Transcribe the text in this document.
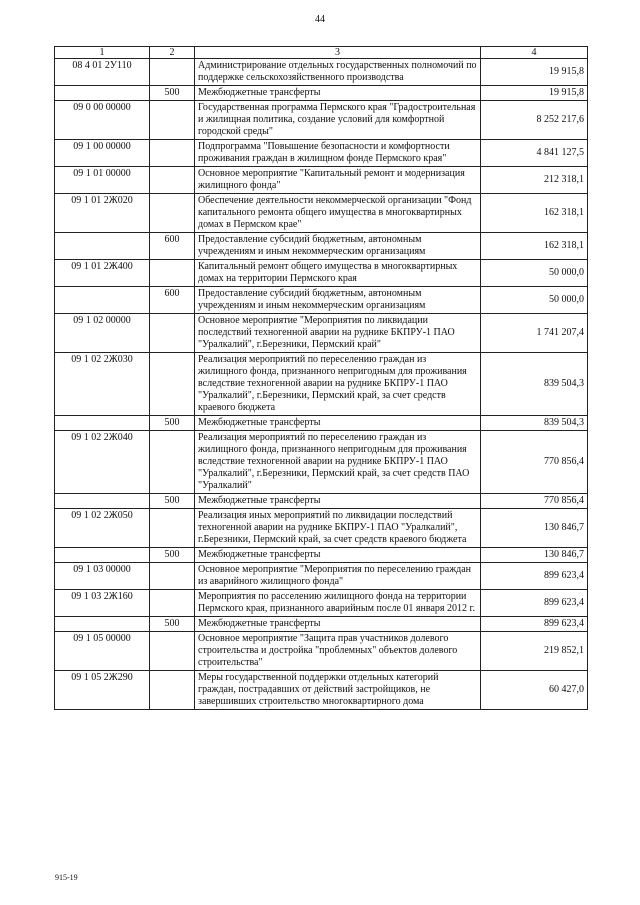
44
1	2	3	4
08 4 01 2У110		Администрирование отдельных государственных полномочий по поддержке сельскохозяйственного производства	19 915,8
	500	Межбюджетные трансферты	19 915,8
09 0 00 00000		Государственная программа Пермского края "Градостроительная и жилищная политика, создание условий для комфортной городской среды"	8 252 217,6
09 1 00 00000		Подпрограмма "Повышение безопасности и комфортности проживания граждан в жилищном фонде Пермского края"	4 841 127,5
09 1 01 00000		Основное мероприятие "Капитальный ремонт и модернизация жилищного фонда"	212 318,1
09 1 01 2Ж020		Обеспечение деятельности некоммерческой организации "Фонд капитального ремонта общего имущества в многоквартирных домах в Пермском крае"	162 318,1
	600	Предоставление субсидий бюджетным, автономным учреждениям и иным некоммерческим организациям	162 318,1
09 1 01 2Ж400		Капитальный ремонт общего имущества в многоквартирных домах на территории Пермского края	50 000,0
	600	Предоставление субсидий бюджетным, автономным учреждениям и иным некоммерческим организациям	50 000,0
09 1 02 00000		Основное мероприятие "Мероприятия по ликвидации последствий техногенной аварии на руднике БКПРУ-1 ПАО "Уралкалий", г.Березники, Пермский край"	1 741 207,4
09 1 02 2Ж030		Реализация мероприятий по переселению граждан из жилищного фонда, признанного непригодным для проживания вследствие техногенной аварии на руднике БКПРУ-1 ПАО "Уралкалий", г.Березники, Пермский край, за счет средств краевого бюджета	839 504,3
	500	Межбюджетные трансферты	839 504,3
09 1 02 2Ж040		Реализация мероприятий по переселению граждан из жилищного фонда, признанного непригодным для проживания вследствие техногенной аварии на руднике БКПРУ-1 ПАО "Уралкалий", г.Березники, Пермский край, за счет средств ПАО "Уралкалий"	770 856,4
	500	Межбюджетные трансферты	770 856,4
09 1 02 2Ж050		Реализация иных мероприятий по ликвидации последствий техногенной аварии на руднике БКПРУ-1 ПАО "Уралкалий", г.Березники, Пермский край, за счет средств краевого бюджета	130 846,7
	500	Межбюджетные трансферты	130 846,7
09 1 03 00000		Основное мероприятие "Мероприятия по переселению граждан из аварийного жилищного фонда"	899 623,4
09 1 03 2Ж160		Мероприятия по расселению жилищного фонда на территории Пермского края, признанного аварийным после 01 января 2012 г.	899 623,4
	500	Межбюджетные трансферты	899 623,4
09 1 05 00000		Основное мероприятие "Защита прав участников долевого строительства и достройка "проблемных" объектов долевого строительства"	219 852,1
09 1 05 2Ж290		Меры государственной поддержки отдельных категорий граждан, пострадавших от действий застройщиков, не завершивших строительство многоквартирного дома	60 427,0
915-19
